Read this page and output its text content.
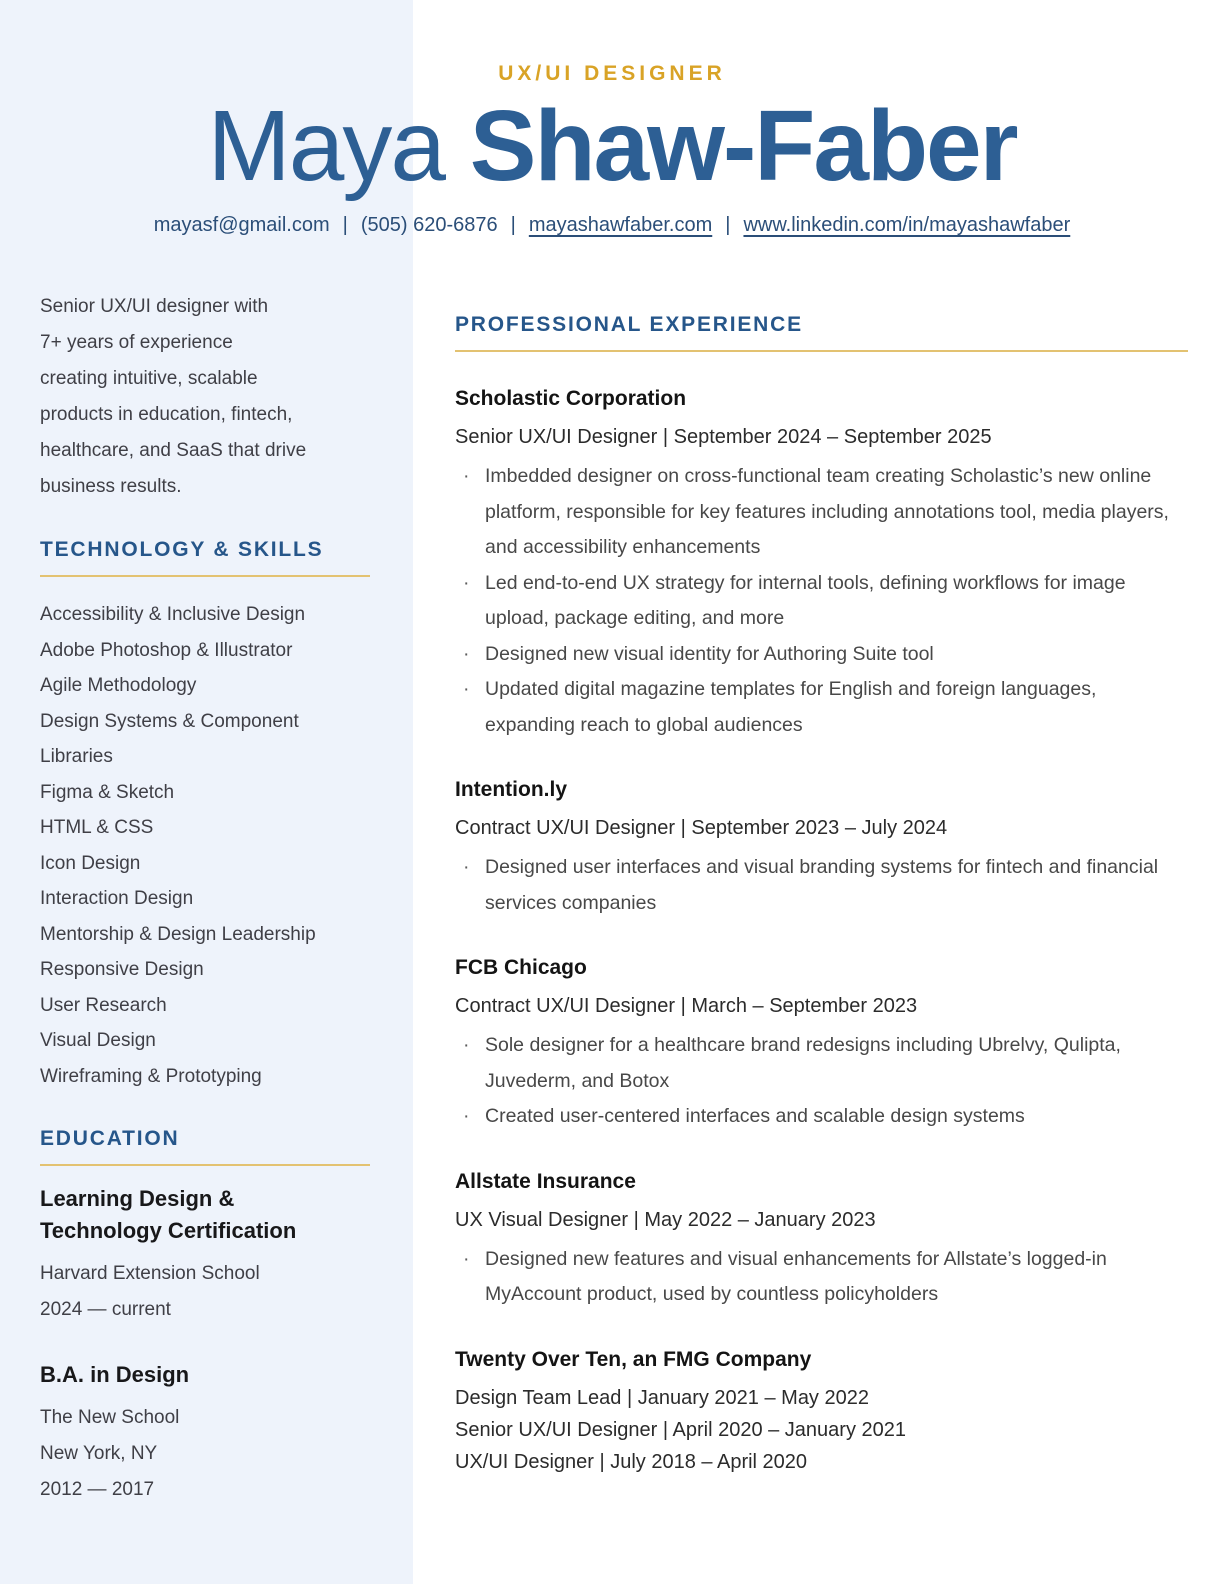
UX/UI DESIGNER
Maya Shaw-Faber
mayasf@gmail.com | (505) 620-6876 | mayashawfaber.com | www.linkedin.com/in/mayashawfaber
Senior UX/UI designer with
7+ years of experience
creating intuitive, scalable
products in education, fintech,
healthcare, and SaaS that drive
business results.
TECHNOLOGY & SKILLS
Accessibility & Inclusive Design
Adobe Photoshop & Illustrator
Agile Methodology
Design Systems & Component Libraries
Figma & Sketch
HTML & CSS
Icon Design
Interaction Design
Mentorship & Design Leadership
Responsive Design
User Research
Visual Design
Wireframing & Prototyping
EDUCATION
Learning Design & Technology Certification
Harvard Extension School
2024 — current
B.A. in Design
The New School
New York, NY
2012 — 2017
PROFESSIONAL EXPERIENCE
Scholastic Corporation
Senior UX/UI Designer | September 2024 – September 2025
· Imbedded designer on cross-functional team creating Scholastic’s new online platform, responsible for key features including annotations tool, media players, and accessibility enhancements
· Led end-to-end UX strategy for internal tools, defining workflows for image upload, package editing, and more
· Designed new visual identity for Authoring Suite tool
· Updated digital magazine templates for English and foreign languages, expanding reach to global audiences
Intention.ly
Contract UX/UI Designer | September 2023 – July 2024
· Designed user interfaces and visual branding systems for fintech and financial services companies
FCB Chicago
Contract UX/UI Designer | March – September 2023
· Sole designer for a healthcare brand redesigns including Ubrelvy, Qulipta, Juvederm, and Botox
· Created user-centered interfaces and scalable design systems
Allstate Insurance
UX Visual Designer | May 2022 – January 2023
· Designed new features and visual enhancements for Allstate’s logged-in MyAccount product, used by countless policyholders
Twenty Over Ten, an FMG Company
Design Team Lead | January 2021 – May 2022
Senior UX/UI Designer | April 2020 – January 2021
UX/UI Designer | July 2018 – April 2020
